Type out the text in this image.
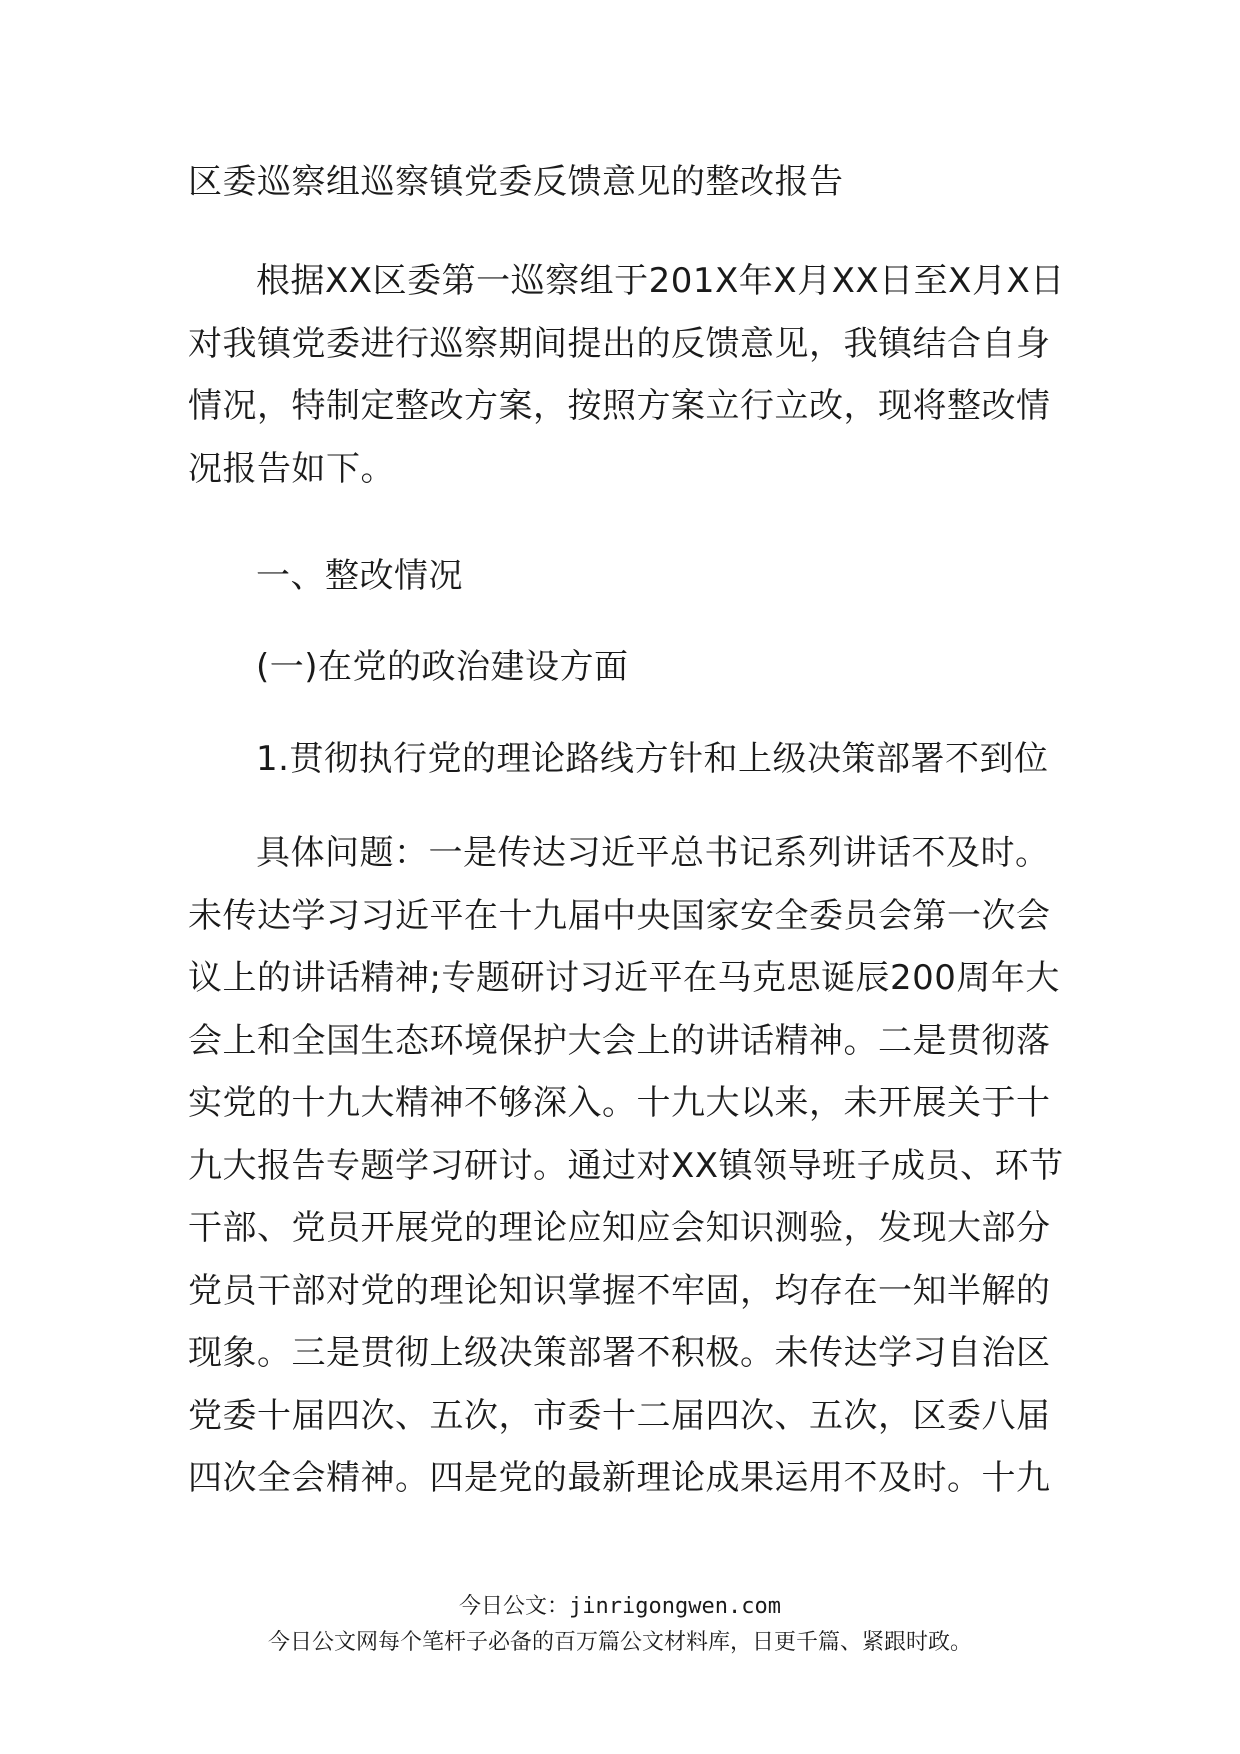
区委巡察组巡察镇党委反馈意见的整改报告

根据XX区委第一巡察组于201X年X月XX日至X月X日对我镇党委进行巡察期间提出的反馈意见，我镇结合自身情况，特制定整改方案，按照方案立行立改，现将整改情况报告如下。

一、整改情况

(一)在党的政治建设方面

1.贯彻执行党的理论路线方针和上级决策部署不到位

具体问题：一是传达习近平总书记系列讲话不及时。未传达学习习近平在十九届中央国家安全委员会第一次会议上的讲话精神;专题研讨习近平在马克思诞辰200周年大会上和全国生态环境保护大会上的讲话精神。二是贯彻落实党的十九大精神不够深入。十九大以来，未开展关于十九大报告专题学习研讨。通过对XX镇领导班子成员、环节干部、党员开展党的理论应知应会知识测验，发现大部分党员干部对党的理论知识掌握不牢固，均存在一知半解的现象。三是贯彻上级决策部署不积极。未传达学习自治区党委十届四次、五次，市委十二届四次、五次，区委八届四次全会精神。四是党的最新理论成果运用不及时。十九

今日公文：jinrigongwen.com
今日公文网每个笔杆子必备的百万篇公文材料库，日更千篇、紧跟时政。
